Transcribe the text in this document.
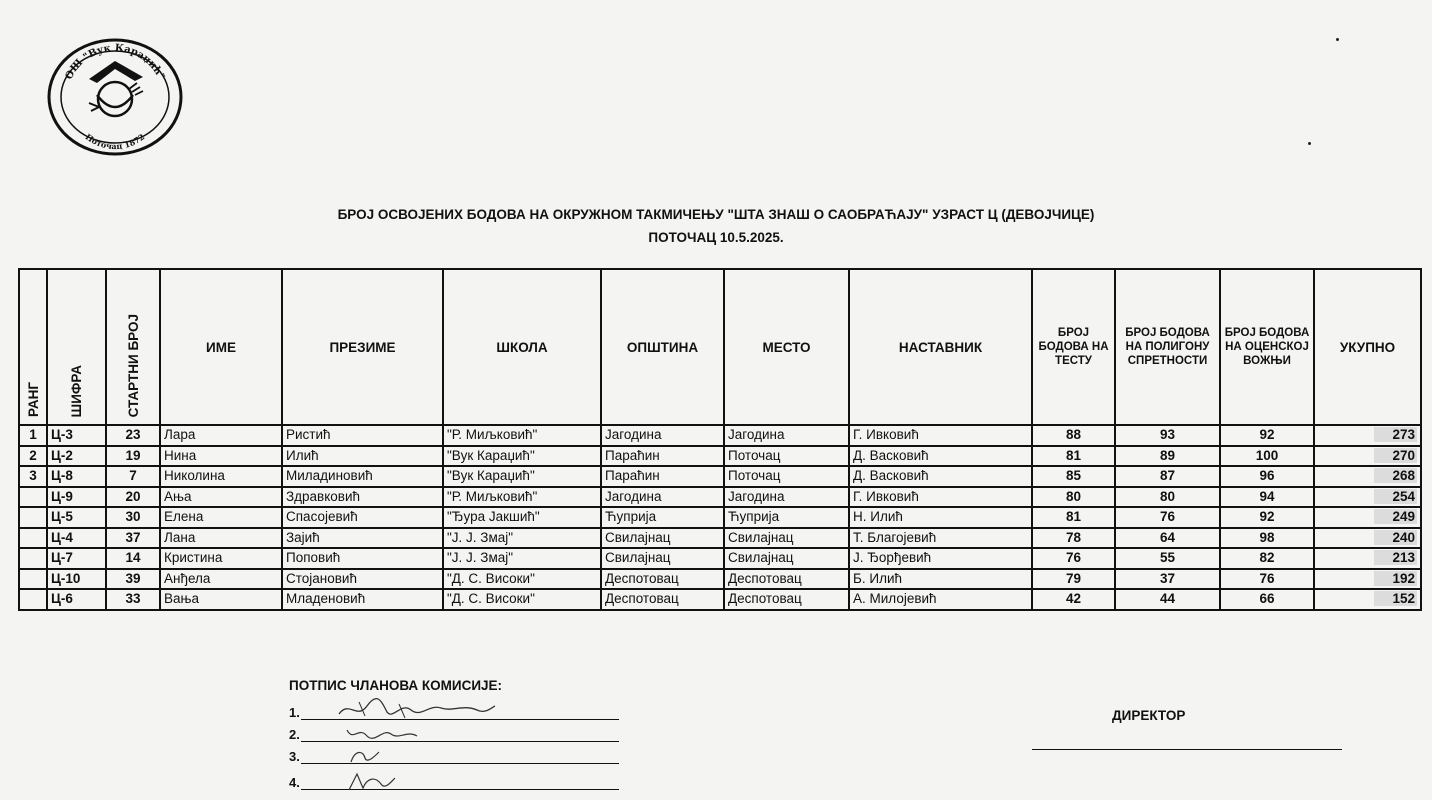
ОШ "Вук Караџић"
Поточац 1872
БРОЈ ОСВОЈЕНИХ БОДОВА НА ОКРУЖНОМ ТАКМИЧЕЊУ "ШТА ЗНАШ О САОБРАЋАЈУ" УЗРАСТ Ц (ДЕВОЈЧИЦЕ)
ПОТОЧАЦ 10.5.2025.
РАНГ	ШИФРА	СТАРТНИ БРОЈ	ИМЕ	ПРЕЗИМЕ	ШКОЛА	ОПШТИНА	МЕСТО	НАСТАВНИК	БРОЈ БОДОВА НА ТЕСТУ	БРОЈ БОДОВА НА ПОЛИГОНУ СПРЕТНОСТИ	БРОЈ БОДОВА НА ОЦЕНСКОЈ ВОЖЊИ	УКУПНО
1	Ц-3	23	Лара	Ристић	"Р. Миљковић"	Јагодина	Јагодина	Г. Ивковић	88	93	92	273
2	Ц-2	19	Нина	Илић	"Вук Караџић"	Параћин	Поточац	Д. Васковић	81	89	100	270
3	Ц-8	7	Николина	Миладиновић	"Вук Караџић"	Параћин	Поточац	Д. Васковић	85	87	96	268
	Ц-9	20	Ања	Здравковић	"Р. Миљковић"	Јагодина	Јагодина	Г. Ивковић	80	80	94	254
	Ц-5	30	Елена	Спасојевић	"Ђура Јакшић"	Ћуприја	Ћуприја	Н. Илић	81	76	92	249
	Ц-4	37	Лана	Зајић	"Ј. Ј. Змај"	Свилајнац	Свилајнац	Т. Благојевић	78	64	98	240
	Ц-7	14	Кристина	Поповић	"Ј. Ј. Змај"	Свилајнац	Свилајнац	Ј. Ђорђевић	76	55	82	213
	Ц-10	39	Анђела	Стојановић	"Д. С. Високи"	Деспотовац	Деспотовац	Б. Илић	79	37	76	192
	Ц-6	33	Вања	Младеновић	"Д. С. Високи"	Деспотовац	Деспотовац	А. Милојевић	42	44	66	152
ПОТПИС ЧЛАНОВА КОМИСИЈЕ:
1.
2.
3.
4.
ДИРЕКТОР
